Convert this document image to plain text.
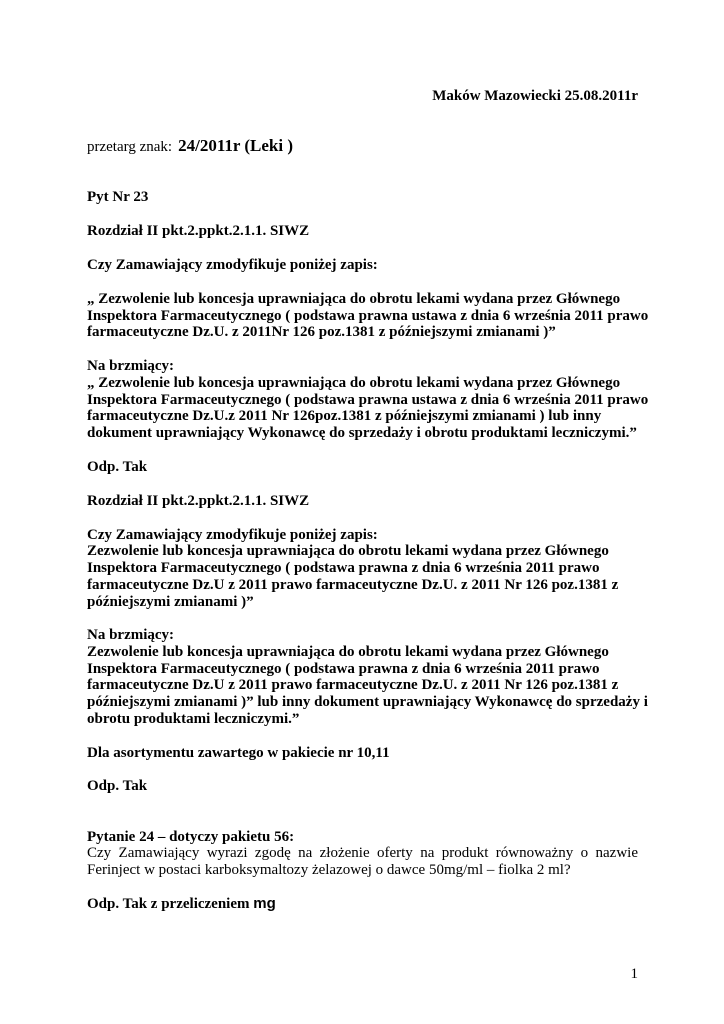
Maków Mazowiecki 25.08.2011r

przetarg znak: 24/2011r (Leki )

Pyt Nr 23

Rozdział II pkt.2.ppkt.2.1.1. SIWZ

Czy Zamawiający zmodyfikuje poniżej zapis:

„ Zezwolenie lub koncesja uprawniająca do obrotu lekami wydana przez Głównego

Inspektora Farmaceutycznego ( podstawa prawna ustawa z dnia 6 września 2011 prawo

farmaceutyczne Dz.U. z 2011Nr 126 poz.1381 z późniejszymi zmianami )”

Na brzmiący:

„ Zezwolenie lub koncesja uprawniająca do obrotu lekami wydana przez Głównego

Inspektora Farmaceutycznego ( podstawa prawna ustawa z dnia 6 września 2011 prawo

farmaceutyczne Dz.U.z 2011 Nr 126poz.1381 z późniejszymi zmianami ) lub inny

dokument uprawniający Wykonawcę do sprzedaży i obrotu produktami leczniczymi.”

Odp. Tak

Rozdział II pkt.2.ppkt.2.1.1. SIWZ

Czy Zamawiający zmodyfikuje poniżej zapis:

Zezwolenie lub koncesja uprawniająca do obrotu lekami wydana przez Głównego

Inspektora Farmaceutycznego ( podstawa prawna z dnia 6 września 2011 prawo

farmaceutyczne Dz.U z 2011 prawo farmaceutyczne Dz.U. z 2011 Nr 126 poz.1381 z

późniejszymi zmianami )”

Na brzmiący:

Zezwolenie lub koncesja uprawniająca do obrotu lekami wydana przez Głównego

Inspektora Farmaceutycznego ( podstawa prawna z dnia 6 września 2011 prawo

farmaceutyczne Dz.U z 2011 prawo farmaceutyczne Dz.U. z 2011 Nr 126 poz.1381 z

późniejszymi zmianami )” lub inny dokument uprawniający Wykonawcę do sprzedaży i

obrotu produktami leczniczymi.”

Dla asortymentu zawartego w pakiecie nr 10,11

Odp. Tak

Pytanie 24 – dotyczy pakietu 56:

Czy Zamawiający wyrazi zgodę na złożenie oferty na produkt równoważny o nazwie Ferinject w postaci karboksymaltozy żelazowej o dawce 50mg/ml – fiolka 2 ml?

Odp. Tak z przeliczeniem mg

1
